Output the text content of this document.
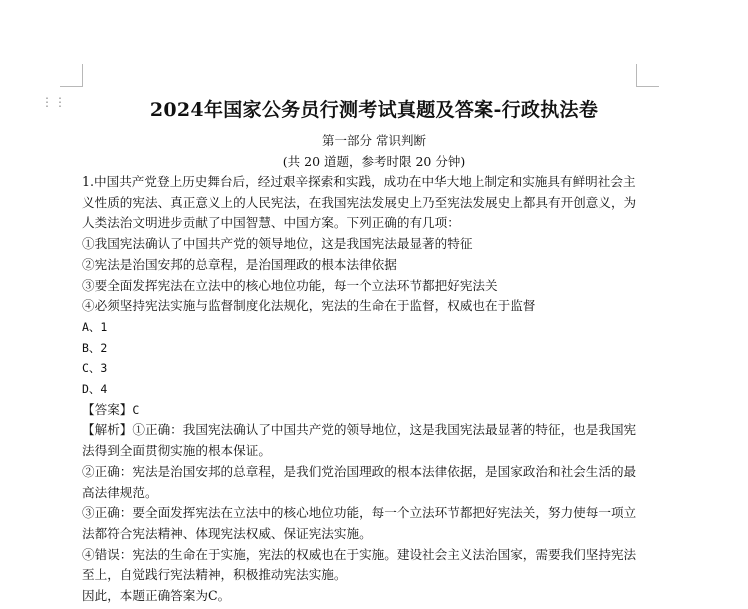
⋮⋮	2024年国家公务员行测考试真题及答案-行政执法卷
第一部分 常识判断
(共 20 道题，参考时限 20 分钟)

1.中国共产党登上历史舞台后，经过艰辛探索和实践，成功在中华大地上制定和实施具有鲜明社会主义性质的宪法、真正意义上的人民宪法，在我国宪法发展史上乃至宪法发展史上都具有开创意义，为人类法治文明进步贡献了中国智慧、中国方案。下列正确的有几项：

①我国宪法确认了中国共产党的领导地位，这是我国宪法最显著的特征

②宪法是治国安邦的总章程，是治国理政的根本法律依据

③要全面发挥宪法在立法中的核心地位功能，每一个立法环节都把好宪法关

④必须坚持宪法实施与监督制度化法规化，宪法的生命在于监督，权威也在于监督

A、1

B、2

C、3

D、4

【答案】C

【解析】①正确：我国宪法确认了中国共产党的领导地位，这是我国宪法最显著的特征，也是我国宪法得到全面贯彻实施的根本保证。

②正确：宪法是治国安邦的总章程，是我们党治国理政的根本法律依据，是国家政治和社会生活的最高法律规范。

③正确：要全面发挥宪法在立法中的核心地位功能，每一个立法环节都把好宪法关，努力使每一项立法都符合宪法精神、体现宪法权威、保证宪法实施。

④错误：宪法的生命在于实施，宪法的权威也在于实施。建设社会主义法治国家，需要我们坚持宪法至上，自觉践行宪法精神，积极推动宪法实施。

因此，本题正确答案为C。
